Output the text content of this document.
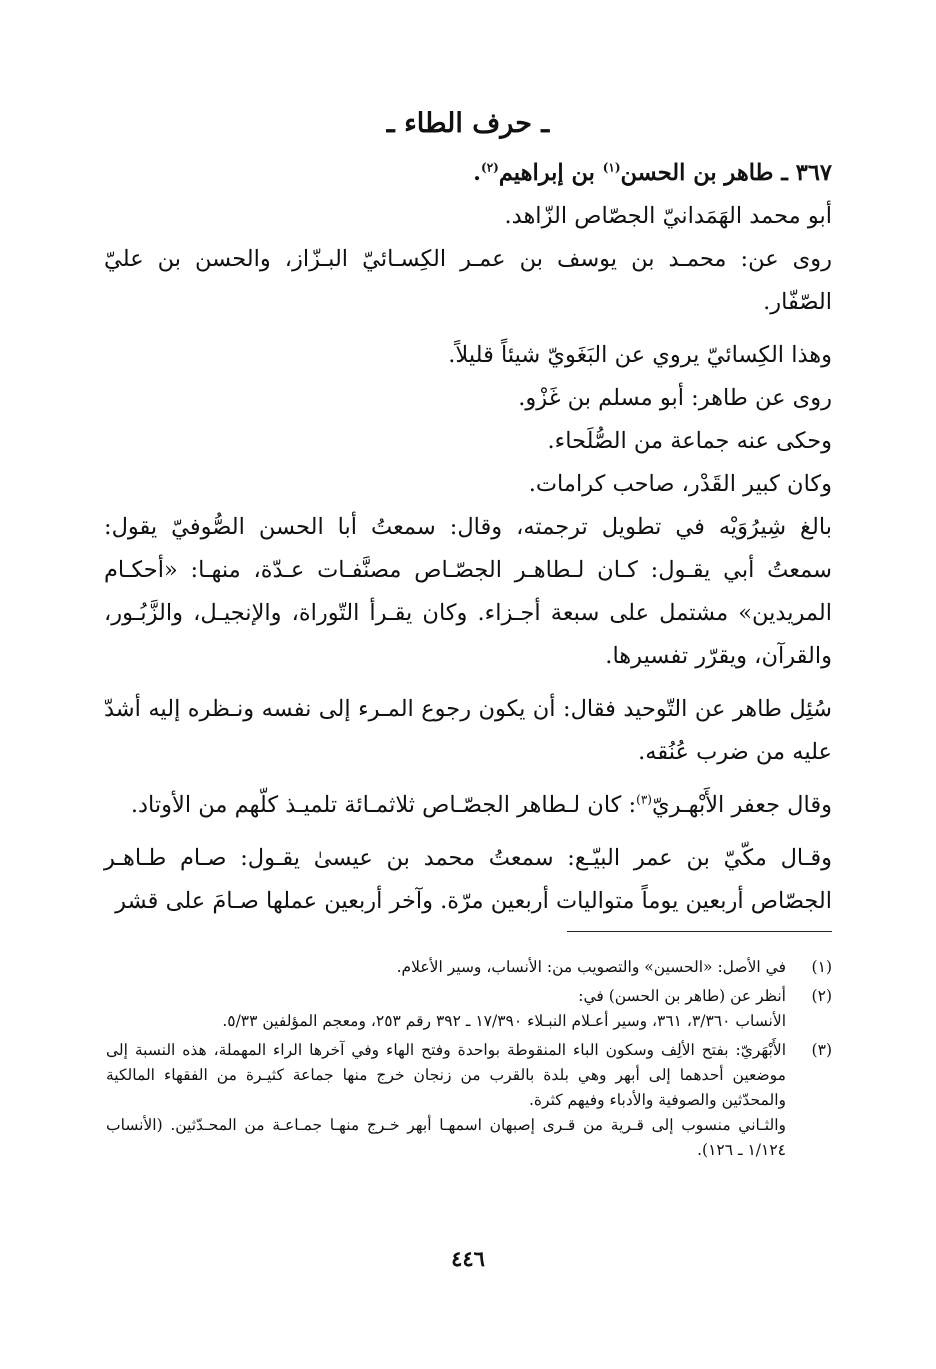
ـ حرف الطاء ـ

٣٦٧ ـ طاهر بن الحسن$^{(١)}$ بن إبراهيم$^{(٢)}$.

أبو محمد الهَمَدانيّ الجصّاص الزّاهد.

روى عن: محمـد بن يوسف بن عمـر الكِسـائيّ البـزّاز، والحسن بن عليّ الصّفّار.

وهذا الكِسائيّ يروي عن البَغَويّ شيئاً قليلاً.

روى عن طاهر: أبو مسلم بن غَزْو.

وحكى عنه جماعة من الصُّلَحاء.

وكان كبير القَدْر، صاحب كرامات.

بالغ شِيرُوَيْه في تطويل ترجمته، وقال: سمعتُ أبا الحسن الصُّوفيّ يقول: سمعتُ أبي يقـول: كـان لـطاهـر الجصّـاص مصنَّفـات عـدّة، منهـا: «أحكـام المريدين» مشتمل على سبعة أجـزاء. وكان يقـرأ التّوراة، والإنجيـل، والزَّبُـور، والقرآن، ويقرّر تفسيرها.

سُئِل طاهر عن التّوحيد فقال: أن يكون رجوع المـرء إلى نفسه ونـظره إليه أشدّ عليه من ضرب عُنُقه.

وقال جعفر الأَبْهـريّ$^{(٣)}$: كان لـطاهر الجصّـاص ثلاثمـائة تلميـذ كلّهم من الأوتاد.

وقـال مكّيّ بن عمر البيّـع: سمعتُ محمد بن عيسىٰ يقـول: صـام طـاهـر الجصّاص أربعين يوماً متواليات أربعين مرّة. وآخر أربعين عملها صـامَ على قشر

(١)
في الأصل: «الحسين» والتصويب من: الأنساب، وسير الأعلام.
(٢)
أنظر عن (طاهر بن الحسن) في:
الأنساب ٣/٣٦٠، ٣٦١، وسير أعـلام النبـلاء ١٧/٣٩٠ ـ ٣٩٢ رقم ٢٥٣، ومعجم المؤلفين ٥/٣٣.
(٣)
الأَبْهَريّ: بفتح الألِف وسكون الباء المنقوطة بواحدة وفتح الهاء وفي آخرها الراء المهملة، هذه النسبة إلى موضعين أحدهما إلى أبهر وهي بلدة بالقرب من زنجان خرج منها جماعة كثيـرة من الفقهاء المالكية والمحدّثين والصوفية والأدباء وفيهم كثرة.
والثـاني منسوب إلى قـرية من قـرى إصبهان اسمهـا أبهر خـرج منهـا جمـاعـة من المحـدّثين. (الأنساب ١/١٢٤ ـ ١٢٦).
٤٤٦
